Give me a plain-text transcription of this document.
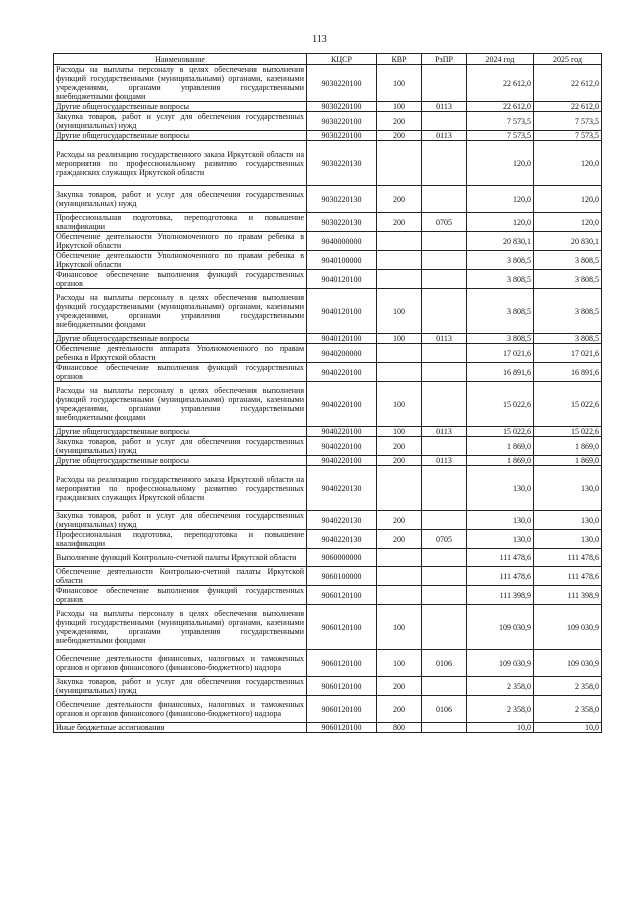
113
Наименование	КЦСР	КВР	РзПР	2024 год	2025 год
Расходы на выплаты персоналу в целях обеспечения выполнения функций государственными (муниципальными) органами, казенными учреждениями, органами управления государственными внебюджетными фондами	9030220100	100		22 612,0	22 612,0
Другие общегосударственные вопросы	9030220100	100	0113	22 612,0	22 612,0
Закупка товаров, работ и услуг для обеспечения государственных (муниципальных) нужд	9030220100	200		7 573,5	7 573,5
Другие общегосударственные вопросы	9030220100	200	0113	7 573,5	7 573,5
Расходы на реализацию государственного заказа Иркутской области на мероприятия по профессиональному развитию государственных гражданских служащих Иркутской области	9030220130			120,0	120,0
Закупка товаров, работ и услуг для обеспечения государственных (муниципальных) нужд	9030220130	200		120,0	120,0
Профессиональная подготовка, переподготовка и повышение квалификации	9030220130	200	0705	120,0	120,0
Обеспечение деятельности Уполномоченного по правам ребенка в Иркутской области	9040000000			20 830,1	20 830,1
Обеспечение деятельности Уполномоченного по правам ребенка в Иркутской области	9040100000			3 808,5	3 808,5
Финансовое обеспечение выполнения функций государственных органов	9040120100			3 808,5	3 808,5
Расходы на выплаты персоналу в целях обеспечения выполнения функций государственными (муниципальными) органами, казенными учреждениями, органами управления государственными внебюджетными фондами	9040120100	100		3 808,5	3 808,5
Другие общегосударственные вопросы	9040120100	100	0113	3 808,5	3 808,5
Обеспечение деятельности аппарата Уполномоченного по правам ребенка в Иркутской области	9040200000			17 021,6	17 021,6
Финансовое обеспечение выполнения функций государственных органов	9040220100			16 891,6	16 891,6
Расходы на выплаты персоналу в целях обеспечения выполнения функций государственными (муниципальными) органами, казенными учреждениями, органами управления государственными внебюджетными фондами	9040220100	100		15 022,6	15 022,6
Другие общегосударственные вопросы	9040220100	100	0113	15 022,6	15 022,6
Закупка товаров, работ и услуг для обеспечения государственных (муниципальных) нужд	9040220100	200		1 869,0	1 869,0
Другие общегосударственные вопросы	9040220100	200	0113	1 869,0	1 869,0
Расходы на реализацию государственного заказа Иркутской области на мероприятия по профессиональному развитию государственных гражданских служащих Иркутской области	9040220130			130,0	130,0
Закупка товаров, работ и услуг для обеспечения государственных (муниципальных) нужд	9040220130	200		130,0	130,0
Профессиональная подготовка, переподготовка и повышение квалификации	9040220130	200	0705	130,0	130,0
Выполнение функций Контрольно-счетной палаты Иркутской области	9060000000			111 478,6	111 478,6
Обеспечение деятельности Контрольно-счетной палаты Иркутской области	9060100000			111 478,6	111 478,6
Финансовое обеспечение выполнения функций государственных органов	9060120100			111 398,9	111 398,9
Расходы на выплаты персоналу в целях обеспечения выполнения функций государственными (муниципальными) органами, казенными учреждениями, органами управления государственными внебюджетными фондами	9060120100	100		109 030,9	109 030,9
Обеспечение деятельности финансовых, налоговых и таможенных органов и органов финансового (финансово-бюджетного) надзора	9060120100	100	0106	109 030,9	109 030,9
Закупка товаров, работ и услуг для обеспечения государственных (муниципальных) нужд	9060120100	200		2 358,0	2 358,0
Обеспечение деятельности финансовых, налоговых и таможенных органов и органов финансового (финансово-бюджетного) надзора	9060120100	200	0106	2 358,0	2 358,0
Иные бюджетные ассигнования	9060120100	800		10,0	10,0
